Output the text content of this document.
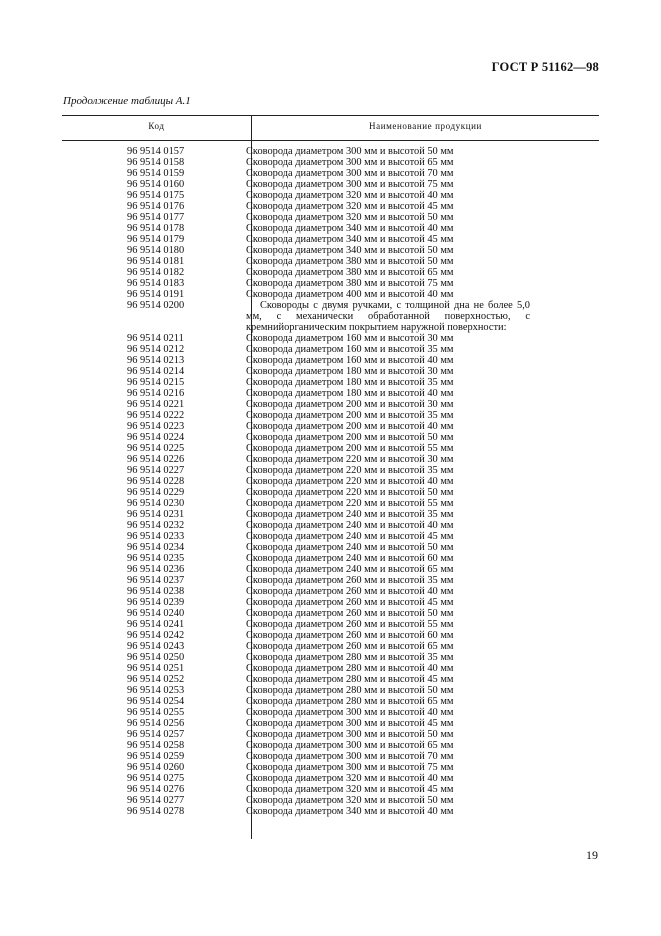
ГОСТ Р 51162—98
Продолжение таблицы А.1
Код	Наименование продукции
96 9514 0157	Сковорода диаметром 300 мм и высотой 50 мм
96 9514 0158	Сковорода диаметром 300 мм и высотой 65 мм
96 9514 0159	Сковорода диаметром 300 мм и высотой 70 мм
96 9514 0160	Сковорода диаметром 300 мм и высотой 75 мм
96 9514 0175	Сковорода диаметром 320 мм и высотой 40 мм
96 9514 0176	Сковорода диаметром 320 мм и высотой 45 мм
96 9514 0177	Сковорода диаметром 320 мм и высотой 50 мм
96 9514 0178	Сковорода диаметром 340 мм и высотой 40 мм
96 9514 0179	Сковорода диаметром 340 мм и высотой 45 мм
96 9514 0180	Сковорода диаметром 340 мм и высотой 50 мм
96 9514 0181	Сковорода диаметром 380 мм и высотой 50 мм
96 9514 0182	Сковорода диаметром 380 мм и высотой 65 мм
96 9514 0183	Сковорода диаметром 380 мм и высотой 75 мм
96 9514 0191	Сковорода диаметром 400 мм и высотой 40 мм
96 9514 0200	Сковороды с двумя ручками, с толщиной дна не более 5,0 мм, с механически обработанной поверхностью, с кремнийорганическим покрытием наружной поверхности:
96 9514 0211	Сковорода диаметром 160 мм и высотой 30 мм
96 9514 0212	Сковорода диаметром 160 мм и высотой 35 мм
96 9514 0213	Сковорода диаметром 160 мм и высотой 40 мм
96 9514 0214	Сковорода диаметром 180 мм и высотой 30 мм
96 9514 0215	Сковорода диаметром 180 мм и высотой 35 мм
96 9514 0216	Сковорода диаметром 180 мм и высотой 40 мм
96 9514 0221	Сковорода диаметром 200 мм и высотой 30 мм
96 9514 0222	Сковорода диаметром 200 мм и высотой 35 мм
96 9514 0223	Сковорода диаметром 200 мм и высотой 40 мм
96 9514 0224	Сковорода диаметром 200 мм и высотой 50 мм
96 9514 0225	Сковорода диаметром 200 мм и высотой 55 мм
96 9514 0226	Сковорода диаметром 220 мм и высотой 30 мм
96 9514 0227	Сковорода диаметром 220 мм и высотой 35 мм
96 9514 0228	Сковорода диаметром 220 мм и высотой 40 мм
96 9514 0229	Сковорода диаметром 220 мм и высотой 50 мм
96 9514 0230	Сковорода диаметром 220 мм и высотой 55 мм
96 9514 0231	Сковорода диаметром 240 мм и высотой 35 мм
96 9514 0232	Сковорода диаметром 240 мм и высотой 40 мм
96 9514 0233	Сковорода диаметром 240 мм и высотой 45 мм
96 9514 0234	Сковорода диаметром 240 мм и высотой 50 мм
96 9514 0235	Сковорода диаметром 240 мм и высотой 60 мм
96 9514 0236	Сковорода диаметром 240 мм и высотой 65 мм
96 9514 0237	Сковорода диаметром 260 мм и высотой 35 мм
96 9514 0238	Сковорода диаметром 260 мм и высотой 40 мм
96 9514 0239	Сковорода диаметром 260 мм и высотой 45 мм
96 9514 0240	Сковорода диаметром 260 мм и высотой 50 мм
96 9514 0241	Сковорода диаметром 260 мм и высотой 55 мм
96 9514 0242	Сковорода диаметром 260 мм и высотой 60 мм
96 9514 0243	Сковорода диаметром 260 мм и высотой 65 мм
96 9514 0250	Сковорода диаметром 280 мм и высотой 35 мм
96 9514 0251	Сковорода диаметром 280 мм и высотой 40 мм
96 9514 0252	Сковорода диаметром 280 мм и высотой 45 мм
96 9514 0253	Сковорода диаметром 280 мм и высотой 50 мм
96 9514 0254	Сковорода диаметром 280 мм и высотой 65 мм
96 9514 0255	Сковорода диаметром 300 мм и высотой 40 мм
96 9514 0256	Сковорода диаметром 300 мм и высотой 45 мм
96 9514 0257	Сковорода диаметром 300 мм и высотой 50 мм
96 9514 0258	Сковорода диаметром 300 мм и высотой 65 мм
96 9514 0259	Сковорода диаметром 300 мм и высотой 70 мм
96 9514 0260	Сковорода диаметром 300 мм и высотой 75 мм
96 9514 0275	Сковорода диаметром 320 мм и высотой 40 мм
96 9514 0276	Сковорода диаметром 320 мм и высотой 45 мм
96 9514 0277	Сковорода диаметром 320 мм и высотой 50 мм
96 9514 0278	Сковорода диаметром 340 мм и высотой 40 мм
19
